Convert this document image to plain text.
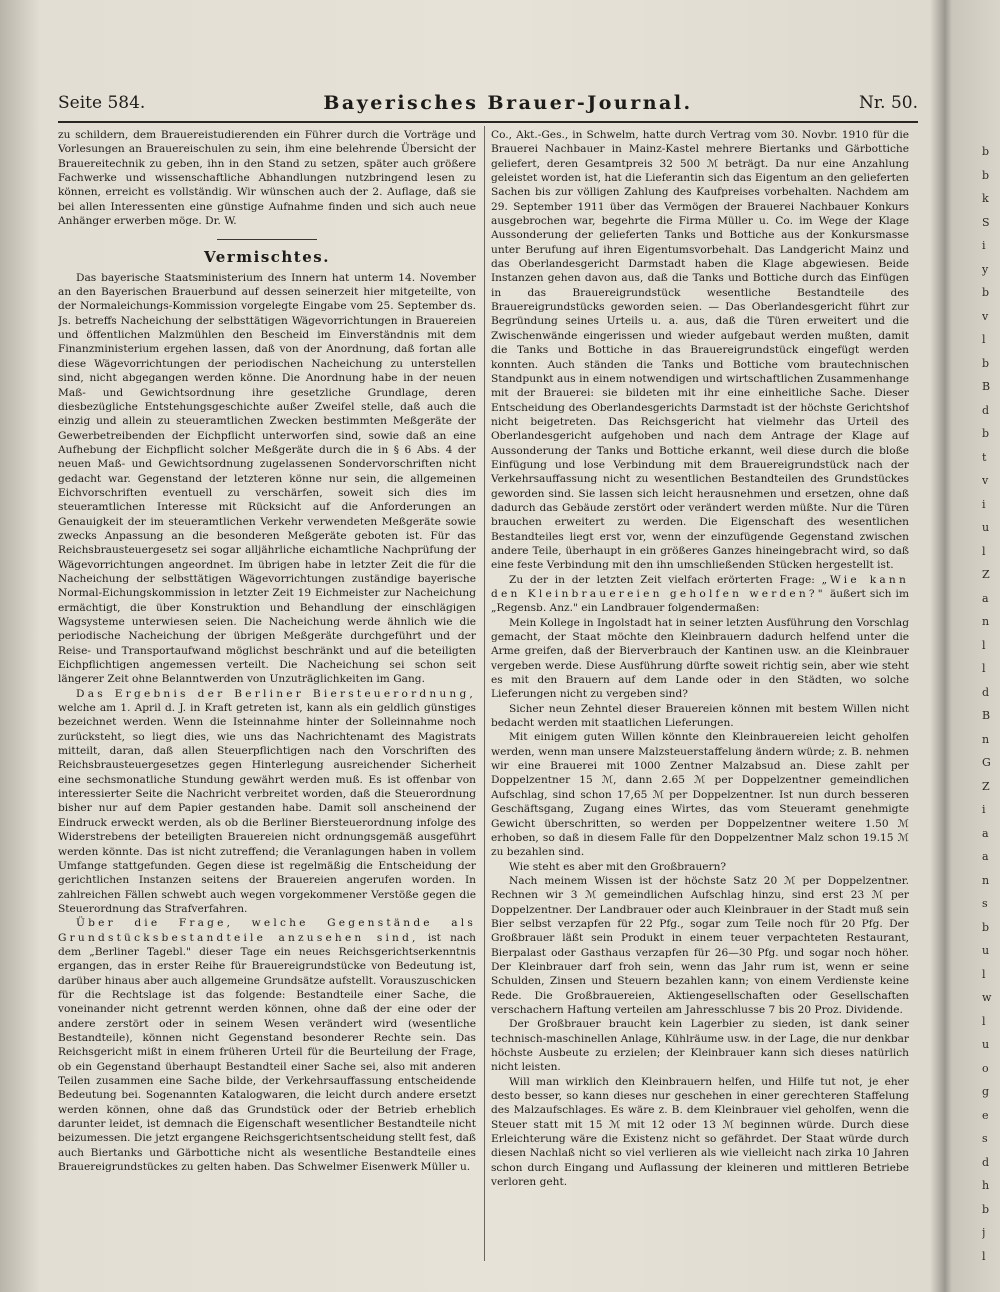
Seite 584.	Bayerisches Brauer-Journal.	Nr. 50.

zu schildern, dem Brauereistudierenden ein Führer durch die Vorträge und Vorlesungen an Brauereischulen zu sein, ihm eine belehrende Übersicht der Brauereitechnik zu geben, ihn in den Stand zu setzen, später auch größere Fachwerke und wissenschaftliche Abhandlungen nutzbringend lesen zu können, erreicht es vollständig. Wir wünschen auch der 2. Auflage, daß sie bei allen Interessenten eine günstige Aufnahme finden und sich auch neue Anhänger erwerben möge. Dr. W.

Vermischtes.

Das bayerische Staatsministerium des Innern hat unterm 14. November an den Bayerischen Brauerbund auf dessen seinerzeit hier mitgeteilte, von der Normaleichungs-Kommission vorgelegte Eingabe vom 25. September ds. Js. betreffs Nacheichung der selbsttätigen Wägevorrichtungen in Brauereien und öffentlichen Malzmühlen den Bescheid im Einverständnis mit dem Finanzministerium ergehen lassen, daß von der Anordnung, daß fortan alle diese Wägevorrichtungen der periodischen Nacheichung zu unterstellen sind, nicht abgegangen werden könne. Die Anordnung habe in der neuen Maß- und Gewichtsordnung ihre gesetzliche Grundlage, deren diesbezügliche Entstehungsgeschichte außer Zweifel stelle, daß auch die einzig und allein zu steueramtlichen Zwecken bestimmten Meßgeräte der Gewerbetreibenden der Eichpflicht unterworfen sind, sowie daß an eine Aufhebung der Eichpflicht solcher Meßgeräte durch die in § 6 Abs. 4 der neuen Maß- und Gewichtsordnung zugelassenen Sondervorschriften nicht gedacht war. Gegenstand der letzteren könne nur sein, die allgemeinen Eichvorschriften eventuell zu verschärfen, soweit sich dies im steueramtlichen Interesse mit Rücksicht auf die Anforderungen an Genauigkeit der im steueramtlichen Verkehr verwendeten Meßgeräte sowie zwecks Anpassung an die besonderen Meßgeräte geboten ist. Für das Reichsbrausteuergesetz sei sogar alljährliche eichamtliche Nachprüfung der Wägevorrichtungen angeordnet. Im übrigen habe in letzter Zeit die für die Nacheichung der selbsttätigen Wägevorrichtungen zuständige bayerische Normal-Eichungskommission in letzter Zeit 19 Eichmeister zur Nacheichung ermächtigt, die über Konstruktion und Behandlung der einschlägigen Wagsysteme unterwiesen seien. Die Nacheichung werde ähnlich wie die periodische Nacheichung der übrigen Meßgeräte durchgeführt und der Reise- und Transportaufwand möglichst beschränkt und auf die beteiligten Eichpflichtigen angemessen verteilt. Die Nacheichung sei schon seit längerer Zeit ohne Belanntwerden von Unzuträglichkeiten im Gang.

Das Ergebnis der Berliner Biersteuerordnung, welche am 1. April d. J. in Kraft getreten ist, kann als ein geldlich günstiges bezeichnet werden. Wenn die Isteinnahme hinter der Solleinnahme noch zurücksteht, so liegt dies, wie uns das Nachrichtenamt des Magistrats mitteilt, daran, daß allen Steuerpflichtigen nach den Vorschriften des Reichsbrausteuergesetzes gegen Hinterlegung ausreichender Sicherheit eine sechsmonatliche Stundung gewährt werden muß. Es ist offenbar von interessierter Seite die Nachricht verbreitet worden, daß die Steuerordnung bisher nur auf dem Papier gestanden habe. Damit soll anscheinend der Eindruck erweckt werden, als ob die Berliner Biersteuerordnung infolge des Widerstrebens der beteiligten Brauereien nicht ordnungsgemäß ausgeführt werden könnte. Das ist nicht zutreffend; die Veranlagungen haben in vollem Umfange stattgefunden. Gegen diese ist regelmäßig die Entscheidung der gerichtlichen Instanzen seitens der Brauereien angerufen worden. In zahlreichen Fällen schwebt auch wegen vorgekommener Verstöße gegen die Steuerordnung das Strafverfahren.

Über die Frage, welche Gegenstände als Grundstücksbestandteile anzusehen sind, ist nach dem „Berliner Tagebl." dieser Tage ein neues Reichsgerichtserkenntnis ergangen, das in erster Reihe für Brauereigrundstücke von Bedeutung ist, darüber hinaus aber auch allgemeine Grundsätze aufstellt. Vorauszuschicken für die Rechtslage ist das folgende: Bestandteile einer Sache, die voneinander nicht getrennt werden können, ohne daß der eine oder der andere zerstört oder in seinem Wesen verändert wird (wesentliche Bestandteile), können nicht Gegenstand besonderer Rechte sein. Das Reichsgericht mißt in einem früheren Urteil für die Beurteilung der Frage, ob ein Gegenstand überhaupt Bestandteil einer Sache sei, also mit anderen Teilen zusammen eine Sache bilde, der Verkehrsauffassung entscheidende Bedeutung bei. Sogenannten Katalogwaren, die leicht durch andere ersetzt werden können, ohne daß das Grundstück oder der Betrieb erheblich darunter leidet, ist demnach die Eigenschaft wesentlicher Bestandteile nicht beizumessen. Die jetzt ergangene Reichsgerichtsentscheidung stellt fest, daß auch Biertanks und Gärbottiche nicht als wesentliche Bestandteile eines Brauereigrundstückes zu gelten haben. Das Schwelmer Eisenwerk Müller u.

Co., Akt.-Ges., in Schwelm, hatte durch Vertrag vom 30. Novbr. 1910 für die Brauerei Nachbauer in Mainz-Kastel mehrere Biertanks und Gärbottiche geliefert, deren Gesamtpreis 32 500 ℳ beträgt. Da nur eine Anzahlung geleistet worden ist, hat die Lieferantin sich das Eigentum an den gelieferten Sachen bis zur völligen Zahlung des Kaufpreises vorbehalten. Nachdem am 29. September 1911 über das Vermögen der Brauerei Nachbauer Konkurs ausgebrochen war, begehrte die Firma Müller u. Co. im Wege der Klage Aussonderung der gelieferten Tanks und Bottiche aus der Konkursmasse unter Berufung auf ihren Eigentumsvorbehalt. Das Landgericht Mainz und das Oberlandesgericht Darmstadt haben die Klage abgewiesen. Beide Instanzen gehen davon aus, daß die Tanks und Bottiche durch das Einfügen in das Brauereigrundstück wesentliche Bestandteile des Brauereigrundstücks geworden seien. — Das Oberlandesgericht führt zur Begründung seines Urteils u. a. aus, daß die Türen erweitert und die Zwischenwände eingerissen und wieder aufgebaut werden mußten, damit die Tanks und Bottiche in das Brauereigrundstück eingefügt werden konnten. Auch ständen die Tanks und Bottiche vom brautechnischen Standpunkt aus in einem notwendigen und wirtschaftlichen Zusammenhange mit der Brauerei: sie bildeten mit ihr eine einheitliche Sache. Dieser Entscheidung des Oberlandesgerichts Darmstadt ist der höchste Gerichtshof nicht beigetreten. Das Reichsgericht hat vielmehr das Urteil des Oberlandesgericht aufgehoben und nach dem Antrage der Klage auf Aussonderung der Tanks und Bottiche erkannt, weil diese durch die bloße Einfügung und lose Verbindung mit dem Brauereigrundstück nach der Verkehrsauffassung nicht zu wesentlichen Bestandteilen des Grundstückes geworden sind. Sie lassen sich leicht herausnehmen und ersetzen, ohne daß dadurch das Gebäude zerstört oder verändert werden müßte. Nur die Türen brauchen erweitert zu werden. Die Eigenschaft des wesentlichen Bestandteiles liegt erst vor, wenn der einzufügende Gegenstand zwischen andere Teile, überhaupt in ein größeres Ganzes hineingebracht wird, so daß eine feste Verbindung mit den ihn umschließenden Stücken hergestellt ist.

Zu der in der letzten Zeit vielfach erörterten Frage: „Wie kann den Kleinbrauereien geholfen werden?" äußert sich im „Regensb. Anz." ein Landbrauer folgendermaßen:

Mein Kollege in Ingolstadt hat in seiner letzten Ausführung den Vorschlag gemacht, der Staat möchte den Kleinbrauern dadurch helfend unter die Arme greifen, daß der Bierverbrauch der Kantinen usw. an die Kleinbrauer vergeben werde. Diese Ausführung dürfte soweit richtig sein, aber wie steht es mit den Brauern auf dem Lande oder in den Städten, wo solche Lieferungen nicht zu vergeben sind?

Sicher neun Zehntel dieser Brauereien können mit bestem Willen nicht bedacht werden mit staatlichen Lieferungen.

Mit einigem guten Willen könnte den Kleinbrauereien leicht geholfen werden, wenn man unsere Malzsteuerstaffelung ändern würde; z. B. nehmen wir eine Brauerei mit 1000 Zentner Malzabsud an. Diese zahlt per Doppelzentner 15 ℳ, dann 2.65 ℳ per Doppelzentner gemeindlichen Aufschlag, sind schon 17,65 ℳ per Doppelzentner. Ist nun durch besseren Geschäftsgang, Zugang eines Wirtes, das vom Steueramt genehmigte Gewicht überschritten, so werden per Doppelzentner weitere 1.50 ℳ erhoben, so daß in diesem Falle für den Doppelzentner Malz schon 19.15 ℳ zu bezahlen sind.

Wie steht es aber mit den Großbrauern?

Nach meinem Wissen ist der höchste Satz 20 ℳ per Doppelzentner. Rechnen wir 3 ℳ gemeindlichen Aufschlag hinzu, sind erst 23 ℳ per Doppelzentner. Der Landbrauer oder auch Kleinbrauer in der Stadt muß sein Bier selbst verzapfen für 22 Pfg., sogar zum Teile noch für 20 Pfg. Der Großbrauer läßt sein Produkt in einem teuer verpachteten Restaurant, Bierpalast oder Gasthaus verzapfen für 26—30 Pfg. und sogar noch höher. Der Kleinbrauer darf froh sein, wenn das Jahr rum ist, wenn er seine Schulden, Zinsen und Steuern bezahlen kann; von einem Verdienste keine Rede. Die Großbrauereien, Aktiengesellschaften oder Gesellschaften verschachern Haftung verteilen am Jahresschlusse 7 bis 20 Proz. Dividende.

Der Großbrauer braucht kein Lagerbier zu sieden, ist dank seiner technisch-maschinellen Anlage, Kühlräume usw. in der Lage, die nur denkbar höchste Ausbeute zu erzielen; der Kleinbrauer kann sich dieses natürlich nicht leisten.

Will man wirklich den Kleinbrauern helfen, und Hilfe tut not, je eher desto besser, so kann dieses nur geschehen in einer gerechteren Staffelung des Malzaufschlages. Es wäre z. B. dem Kleinbrauer viel geholfen, wenn die Steuer statt mit 15 ℳ mit 12 oder 13 ℳ beginnen würde. Durch diese Erleichterung wäre die Existenz nicht so gefährdet. Der Staat würde durch diesen Nachlaß nicht so viel verlieren als wie vielleicht nach zirka 10 Jahren schon durch Eingang und Auflassung der kleineren und mittleren Betriebe verloren geht.

b
b
k
S
i
y
b
v
l
b
B
d
b
t
v
i
u
l
Z
a
n
l
l
d
B
n
G
Z
i
a
a
n
s
b
u
l
w
l
u
o
g
e
s
d
h
b
j
l
